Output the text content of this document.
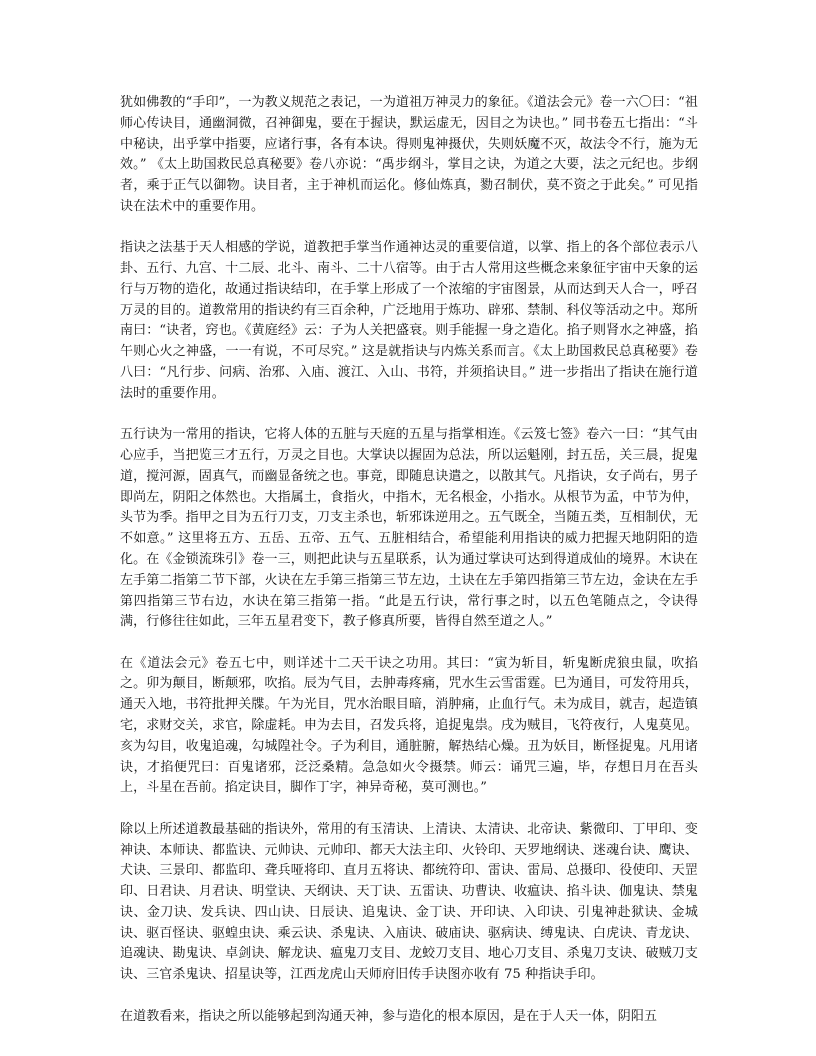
犹如佛教的“手印”，一为教义规范之表记，一为道祖万神灵力的象征。《道法会元》卷一六〇曰：“祖师心传诀目，通幽洞微，召神御鬼，要在于握诀，默运虚无，因目之为诀也。” 同书卷五七指出：“斗中秘诀，出乎掌中指要，应诸行事，各有本诀。得则鬼神摄伏，失则妖魔不灭，故法令不行，施为无效。” 《太上助国救民总真秘要》卷八亦说：“禹步纲斗，掌目之诀，为道之大要，法之元纪也。步纲者，乘于正气以御物。诀目者，主于神机而运化。修仙炼真，勠召制伏，莫不资之于此矣。” 可见指诀在法术中的重要作用。

指诀之法基于天人相感的学说，道教把手掌当作通神达灵的重要信道，以掌、指上的各个部位表示八卦、五行、九宫、十二辰、北斗、南斗、二十八宿等。由于古人常用这些概念来象征宇宙中天象的运行与万物的造化，故通过指诀结印，在手掌上形成了一个浓缩的宇宙图景，从而达到天人合一，呼召万灵的目的。道教常用的指诀约有三百余种，广泛地用于炼功、辟邪、禁制、科仪等活动之中。郑所南曰：“诀者，窍也。《黄庭经》云：子为人关把盛衰。则手能握一身之造化。掐子则肾水之神盛，掐午则心火之神盛，一一有说，不可尽究。” 这是就指诀与内炼关系而言。《太上助国救民总真秘要》卷八曰：“凡行步、问病、治邪、入庙、渡江、入山、书符，并须掐诀目。” 进一步指出了指诀在施行道法时的重要作用。

五行诀为一常用的指诀，它将人体的五脏与天庭的五星与指掌相连。《云笈七签》卷六一曰：“其气由心应手，当把览三才五行，万灵之目也。大掌诀以握固为总法，所以运魁刚，封五岳，关三晨，捉鬼道，搅河源，固真气，而幽显备统之也。事竟，即随息诀遣之，以散其气。凡指诀，女子尚右，男子即尚左，阴阳之体然也。大指属土，食指火，中指木，无名根金，小指水。从根节为孟，中节为仲，头节为季。指甲之目为五行刀支，刀支主杀也，斩邪诛逆用之。五气既全，当随五类，互相制伏，无不如意。” 这里将五方、五岳、五帝、五气、五脏相结合，希望能利用指诀的威力把握天地阴阳的造化。在《金锁流珠引》卷一三，则把此诀与五星联系，认为通过掌诀可达到得道成仙的境界。木诀在左手第二指第二节下部，火诀在左手第三指第三节左边，土诀在左手第四指第三节左边，金诀在左手第四指第三节右边，水诀在第三指第一指。“此是五行诀，常行事之时，以五色笔随点之，令诀得满，行修往往如此，三年五星君变下，教子修真所要，皆得自然至道之人。”

在《道法会元》卷五七中，则详述十二天干诀之功用。其曰：“寅为斩目，斩鬼断虎狼虫鼠，吹掐之。卯为颠目，断颠邪，吹掐。辰为气目，去肿毒疼痛，咒水生云雪雷霆。巳为通目，可发符用兵，通天入地，书符批押关牒。午为光目，咒水治眼目暗，消肿痛，止血行气。未为成目，就吉，起造镇宅，求财交关，求官，除虚耗。申为去目，召发兵将，追捉鬼祟。戌为贼目，飞符夜行，人鬼莫见。亥为勾目，收鬼追魂，勾城隍社令。子为利目，通脏腑，解热结心燥。丑为妖目，断怪捉鬼。凡用诸诀，才掐便咒曰：百鬼诸邪，泛泛桑精。急急如火令摄禁。师云：诵咒三遍，毕，存想日月在吾头上，斗星在吾前。掐定诀目，脚作丁字，神异奇秘，莫可测也。”

除以上所述道教最基础的指诀外，常用的有玉清诀、上清诀、太清诀、北帝诀、紫微印、丁甲印、变神诀、本师诀、都监诀、元帅诀、元帅印、都天大法主印、火铃印、天罗地纲诀、迷魂台诀、鹰诀、犬诀、三景印、都监印、聋兵哑将印、直月五将诀、都统符印、雷诀、雷局、总摄印、役使印、天罡印、日君诀、月君诀、明堂诀、天纲诀、天丁诀、五雷诀、功曹诀、收瘟诀、掐斗诀、伽鬼诀、禁鬼诀、金刀诀、发兵诀、四山诀、日辰诀、追鬼诀、金丁诀、开印诀、入印诀、引鬼神赴狱诀、金城诀、驱百怪诀、驱蝗虫诀、乘云诀、杀鬼诀、入庙诀、破庙诀、驱病诀、缚鬼诀、白虎诀、青龙诀、追魂诀、勘鬼诀、卓剑诀、解龙诀、瘟鬼刀支目、龙蛟刀支目、地心刀支目、杀鬼刀支诀、破贼刀支诀、三官杀鬼诀、招星诀等，江西龙虎山天师府旧传手诀图亦收有 75 种指诀手印。

在道教看来，指诀之所以能够起到沟通天神，参与造化的根本原因，是在于人天一体，阴阳五
